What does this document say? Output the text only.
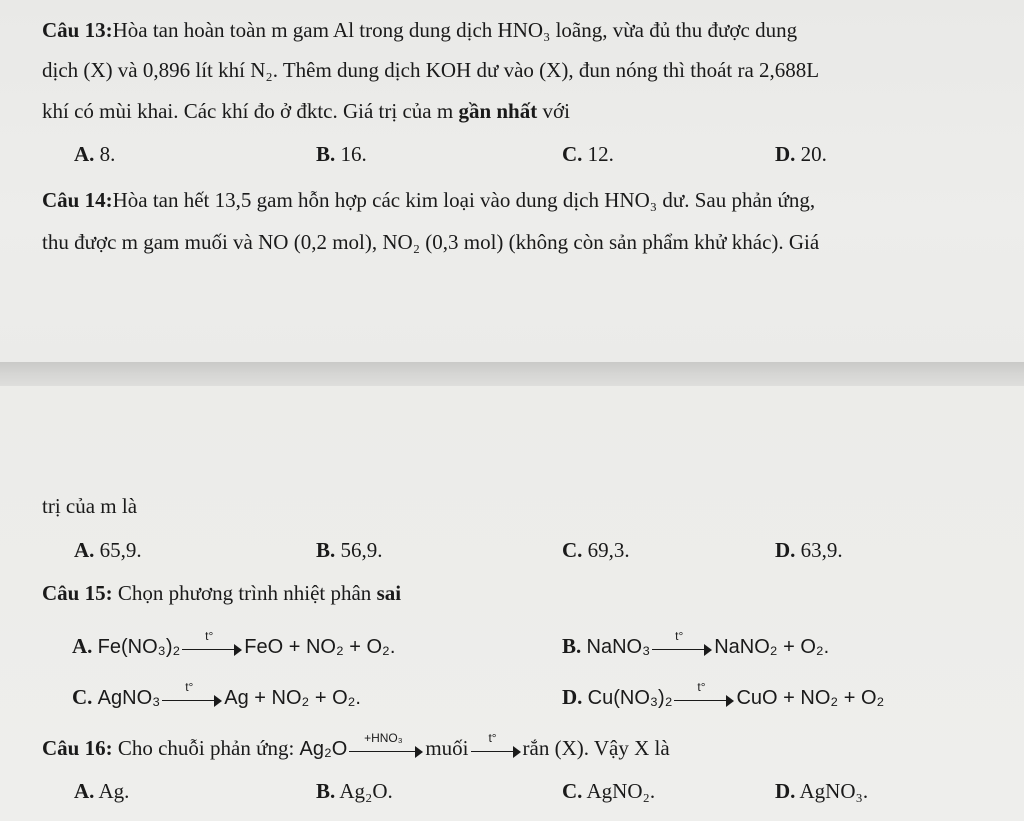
Câu 13:Hòa tan hoàn toàn m gam Al trong dung dịch HNO₃ loãng, vừa đủ thu được dung
dịch (X) và 0,896 lít khí N₂. Thêm dung dịch KOH dư vào (X), đun nóng thì thoát ra 2,688L
khí có mùi khai. Các khí đo ở đktc. Giá trị của m gần nhất với
A. 8.	B. 16.	C. 12.	D. 20.
Câu 14:Hòa tan hết 13,5 gam hỗn hợp các kim loại vào dung dịch HNO₃ dư. Sau phản ứng,
thu được m gam muối và NO (0,2 mol), NO₂ (0,3 mol) (không còn sản phẩm khử khác). Giá
trị của m là
A. 65,9.	B. 56,9.	C. 69,3.	D. 63,9.
Câu 15: Chọn phương trình nhiệt phân sai
A. Fe(NO₃)₂	t°	FeO + NO₂ + O₂.	B. NaNO₃	t°	NaNO₂ + O₂.
C. AgNO₃	t°	Ag + NO₂ + O₂.	D. Cu(NO₃)₂	t°	CuO + NO₂ + O₂
Câu 16: Cho chuỗi phản ứng: Ag₂O	+HNO₃	muối	t°	rắn (X). Vậy X là
A. Ag.	B. Ag₂O.	C. AgNO₂.	D. AgNO₃.
